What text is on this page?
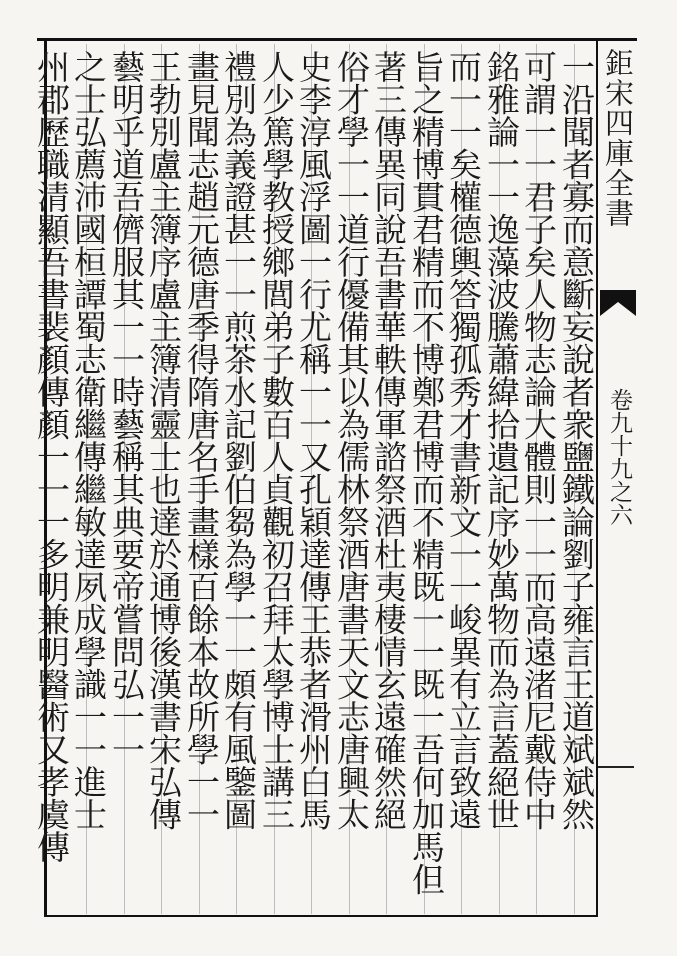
一沿聞者寡而意斷妄說者衆鹽鐵論劉子雍言王道斌斌然
可謂一一君子矣人物志論大體則一一而高遠渚尼戴侍中
銘雅論一一逸藻波騰蕭緯拾遺記序妙萬物而為言蓋絕世
而一一矣權德輿答獨孤秀才書新文一一峻異有立言致遠
旨之精博貫君精而不博鄭君博而不精既一一既一吾何加馬但
著三傳異同說吾書華軼傳軍諮祭酒杜夷棲情玄遠確然絕
俗才學一一道行優備其以為儒林祭酒唐書天文志唐興太
史李淳風浮圖一行尤稱一一又孔穎達傳王恭者滑州白馬
人少篤學教授鄉閭弟子數百人貞觀初召拜太學博士講三
禮別為義證甚一一煎茶水記劉伯芻為學一一頗有風鑒圖
畫見聞志趙元德唐季得隋唐名手畫樣百餘本故所學一一
王勃別盧主簿序盧主簿清靈士也達於通博後漢書宋弘傳
藝明乎道吾儕服其一一時藝稱其典要帝嘗問弘一一
之士弘薦沛國桓譚蜀志衛繼傳繼敏達夙成學識一一進士
州郡歷職清顯吾書裴顏傳顏一一一多明兼明醫術又孝虞傳	鉅宋四庫全書
卷九十九之六
